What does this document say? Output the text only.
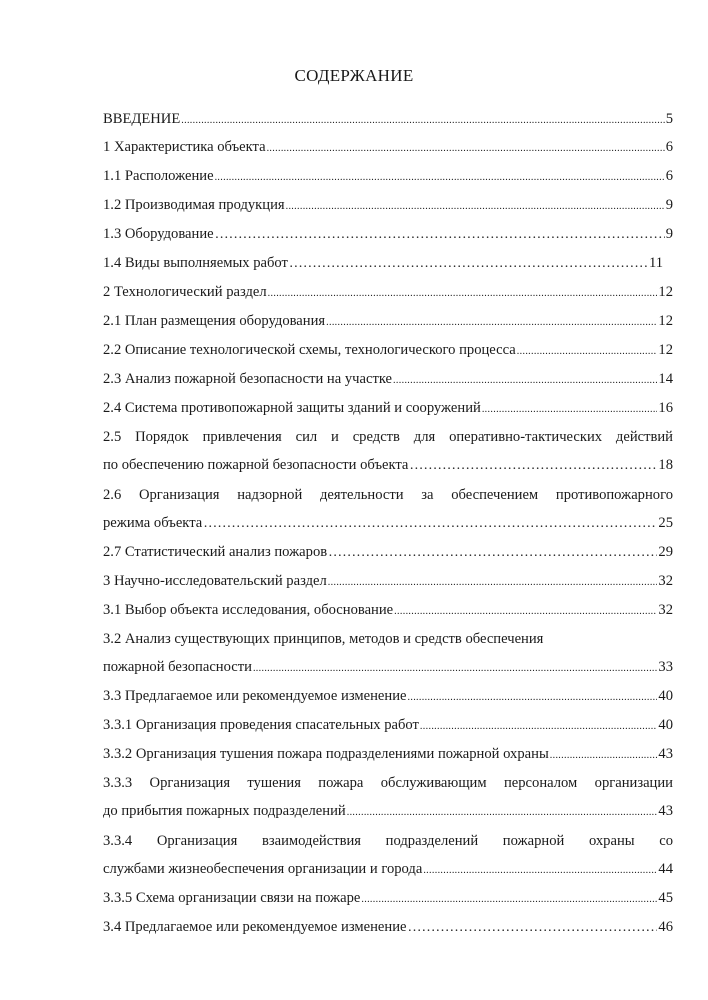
СОДЕРЖАНИЕ
ВВЕДЕНИЕ .....	5
1 Характеристика объекта .....	6
1.1 Расположение .....	6
1.2 Производимая продукция .....	9
1.3 Оборудование ……………………………………………………………………………………………………………………………………………………	9
1.4 Виды выполняемых работ ……………………………………………………………………………………………………………………………………………………	11
2 Технологический раздел .....	12
2.1 План размещения оборудования .....	12
2.2 Описание технологической схемы, технологического процесса .....	12
2.3 Анализ пожарной безопасности на участке .....	14
2.4 Система противопожарной защиты зданий и сооружений .....	16
2.5 Порядок привлечения сил и средств для оперативно-тактических действий
по обеспечению пожарной безопасности объекта ……………………………………………………………………………………………………………………………………………………	18
2.6 Организация надзорной деятельности за обеспечением противопожарного
режима объекта ……………………………………………………………………………………………………………………………………………………	25
2.7 Статистический анализ пожаров ……………………………………………………………………………………………………………………………………………………	29
3 Научно-исследовательский раздел .....	32
3.1 Выбор объекта исследования, обоснование .....	32
3.2 Анализ существующих принципов, методов и средств обеспечения
пожарной безопасности .....	33
3.3 Предлагаемое или рекомендуемое изменение .....	40
3.3.1 Организация проведения спасательных работ .....	40
3.3.2 Организация тушения пожара подразделениями пожарной охраны .....	43
3.3.3 Организация тушения пожара обслуживающим персоналом организации
до прибытия пожарных подразделений .....	43
3.3.4 Организация взаимодействия подразделений пожарной охраны со
службами жизнеобеспечения организации и города .....	44
3.3.5 Схема организации связи на пожаре .....	45
3.4 Предлагаемое или рекомендуемое изменение ……………………………………………………………………………………………………………………………………………………	46
